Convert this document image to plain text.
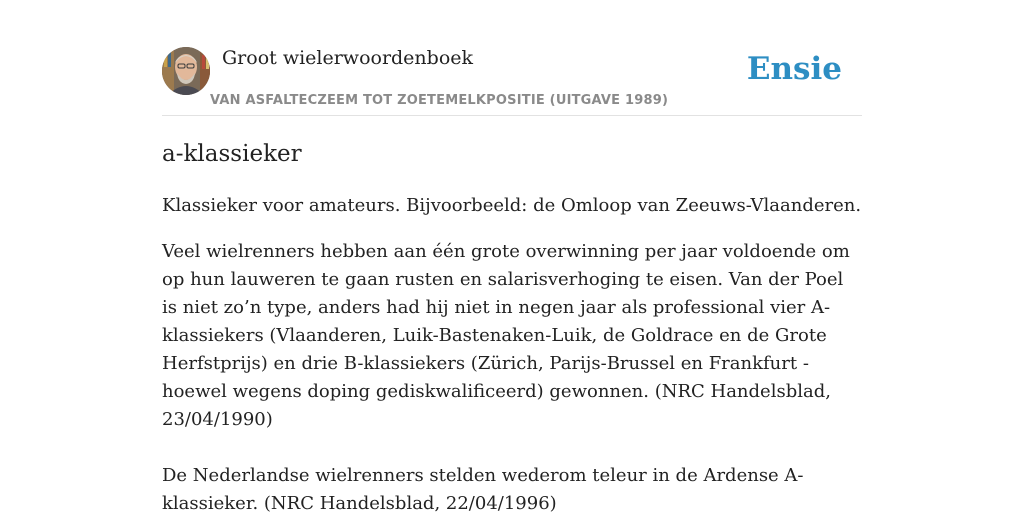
Groot wielerwoordenboek
VAN ASFALTECZEEM TOT ZOETEMELKPOSITIE (UITGAVE 1989)
Ensie
a-klassieker

Klassieker voor amateurs. Bijvoorbeeld: de Omloop van Zeeuws-Vlaanderen.

Veel wielrenners hebben aan één grote overwinning per jaar voldoende om op hun lauweren te gaan rusten en salarisverhoging te eisen. Van der Poel is niet zo’n type, anders had hij niet in negen jaar als professional vier A-klassiekers (Vlaanderen, Luik-Bastenaken-Luik, de Goldrace en de Grote Herfstprijs) en drie B-klassiekers (Zürich, Parijs-Brussel en Frankfurt - hoewel wegens doping gediskwalificeerd) gewonnen. (NRC Handelsblad, 23/04/1990)

De Nederlandse wielrenners stelden wederom teleur in de Ardense A-klassieker. (NRC Handelsblad, 22/04/1996)
